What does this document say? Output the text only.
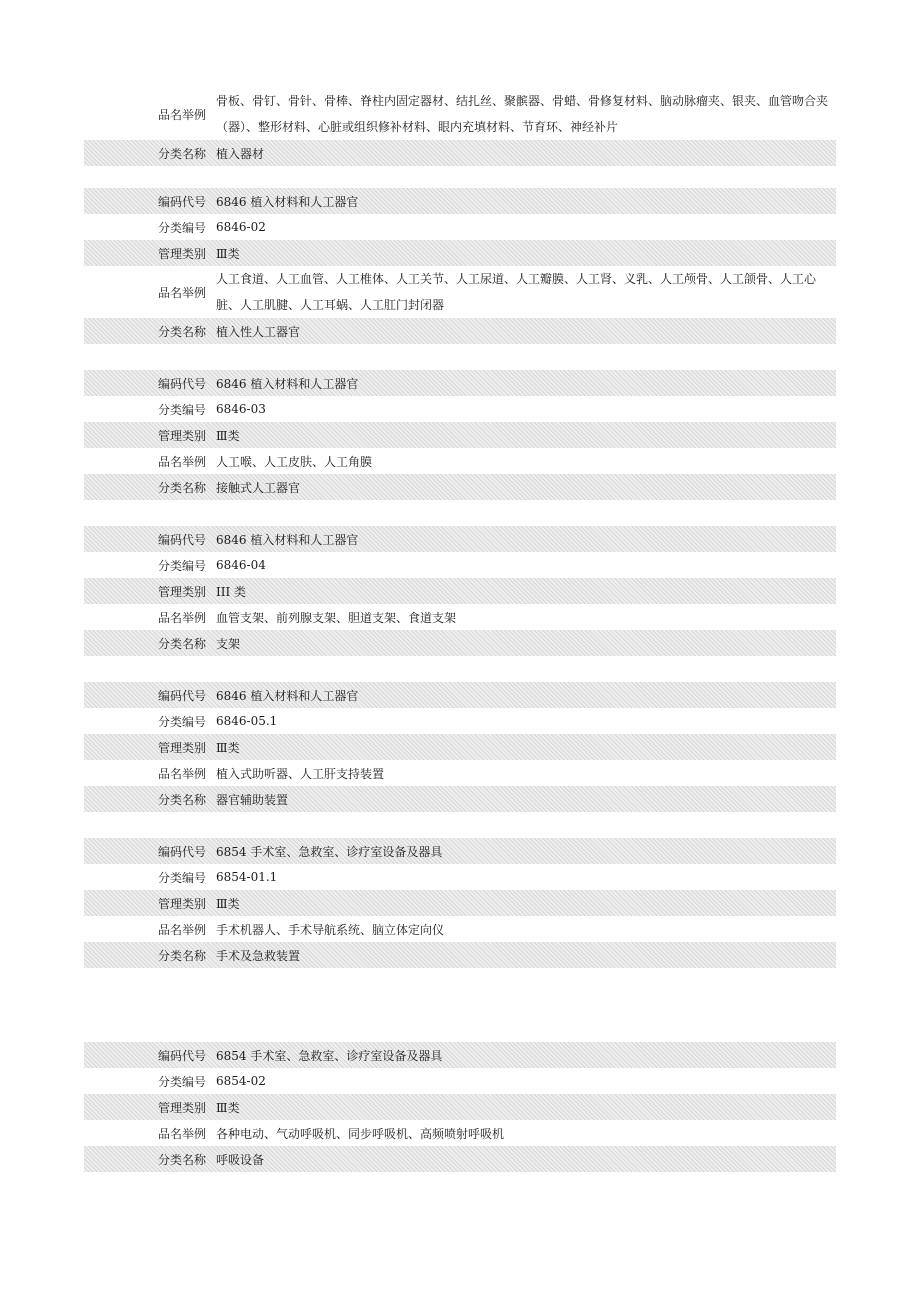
品名举例
骨板、骨钉、骨针、骨棒、脊柱内固定器材、结扎丝、聚髌器、骨蜡、骨修复材料、脑动脉瘤夹、银夹、血管吻合夹（器）、整形材料、心脏或组织修补材料、眼内充填材料、节育环、神经补片
分类名称 植入器材
编码代号 6846 植入材料和人工器官
分类编号 6846-02
管理类别 Ⅲ类
品名举例
人工食道、人工血管、人工椎体、人工关节、人工尿道、人工瓣膜、人工肾、义乳、人工颅骨、人工颌骨、人工心脏、人工肌腱、人工耳蜗、人工肛门封闭器
分类名称 植入性人工器官
编码代号 6846 植入材料和人工器官
分类编号 6846-03
管理类别 Ⅲ类
品名举例 人工喉、人工皮肤、人工角膜
分类名称 接触式人工器官
编码代号 6846 植入材料和人工器官
分类编号 6846-04
管理类别 III 类
品名举例 血管支架、前列腺支架、胆道支架、食道支架
分类名称 支架
编码代号 6846 植入材料和人工器官
分类编号 6846-05.1
管理类别 Ⅲ类
品名举例 植入式助听器、人工肝支持装置
分类名称 器官辅助装置
编码代号 6854 手术室、急救室、诊疗室设备及器具
分类编号 6854-01.1
管理类别 Ⅲ类
品名举例 手术机器人、手术导航系统、脑立体定向仪
分类名称 手术及急救装置
编码代号 6854 手术室、急救室、诊疗室设备及器具
分类编号 6854-02
管理类别 Ⅲ类
品名举例 各种电动、气动呼吸机、同步呼吸机、高频喷射呼吸机
分类名称 呼吸设备
